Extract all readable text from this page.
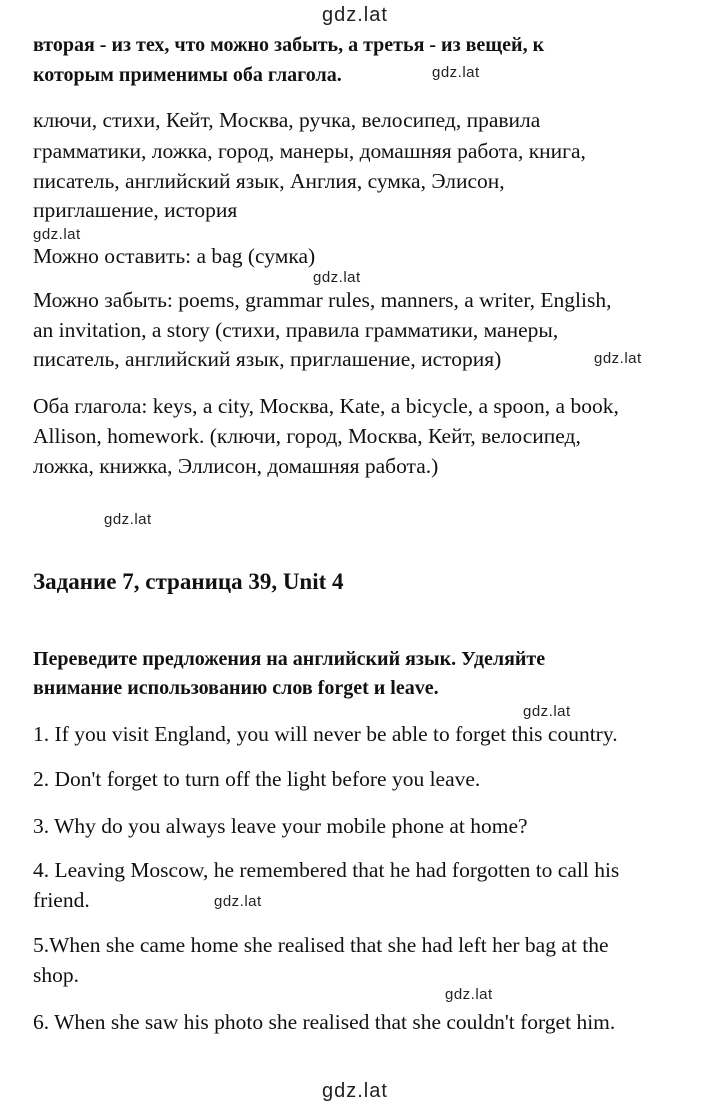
gdz.lat
gdz.lat
gdz.lat
gdz.lat
gdz.lat
gdz.lat
gdz.lat
gdz.lat
gdz.lat
gdz.lat
вторая - из тех, что можно забыть, а третья - из вещей, к
которым применимы оба глагола.
ключи, стихи, Кейт, Москва, ручка, велосипед, правила
грамматики, ложка, город, манеры, домашняя работа, книга,
писатель, английский язык, Англия, сумка, Элисон,
приглашение, история
Можно оставить: a bag (сумка)
Можно забыть: poems, grammar rules, manners, a writer, English,
an invitation, a story (стихи, правила грамматики, манеры,
писатель, английский язык, приглашение, история)
Оба глагола: keys, a city, Москва, Kate, a bicycle, a spoon, a book,
Allison, homework. (ключи, город, Москва, Кейт, велосипед,
ложка, книжка, Эллисон, домашняя работа.)
Задание 7, страница 39, Unit 4
Переведите предложения на английский язык. Уделяйте
внимание использованию слов forget и leave.
1. If you visit England, you will never be able to forget this country.
2. Don't forget to turn off the light before you leave.
3. Why do you always leave your mobile phone at home?
4. Leaving Moscow, he remembered that he had forgotten to call his
friend.
5.When she came home she realised that she had left her bag at the
shop.
6. When she saw his photo she realised that she couldn't forget him.
